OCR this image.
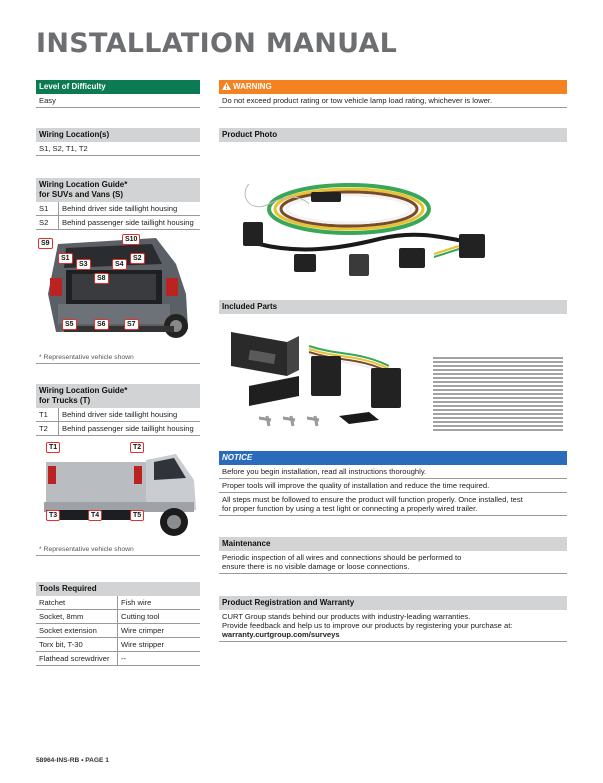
INSTALLATION MANUAL
Level of Difficulty
Easy
Wiring Location(s)
S1, S2, T1, T2
Wiring Location Guide*
for SUVs and Vans (S)
S1	Behind driver side taillight housing
S2	Behind passenger side taillight housing
S9
S10
S1
S3	S4
S2
S8
S5	S6	S7
* Representative vehicle shown
Wiring Location Guide*
for Trucks (T)
T1	Behind driver side taillight housing
T2	Behind passenger side taillight housing
T1	T2
T3	T4	T5
* Representative vehicle shown
Tools Required
Ratchet	Fish wire
Socket, 8mm	Cutting tool
Socket extension	Wire crimper
Torx bit, T-30	Wire stripper
Flathead screwdriver	--
WARNING
Do not exceed product rating or tow vehicle lamp load rating, whichever is lower.
Product Photo
Included Parts
NOTICE
Before you begin installation, read all instructions thoroughly.
Proper tools will improve the quality of installation and reduce the time required.
All steps must be followed to ensure the product will function properly. Once installed, test for proper function by using a test light or connecting a properly wired trailer.
Maintenance
Periodic inspection of all wires and connections should be performed to ensure there is no visible damage or loose connections.
Product Registration and Warranty
CURT Group stands behind our products with industry-leading warranties.
Provide feedback and help us to improve our products by registering your purchase at:
warranty.curtgroup.com/surveys
58964-INS-RB • PAGE 1
